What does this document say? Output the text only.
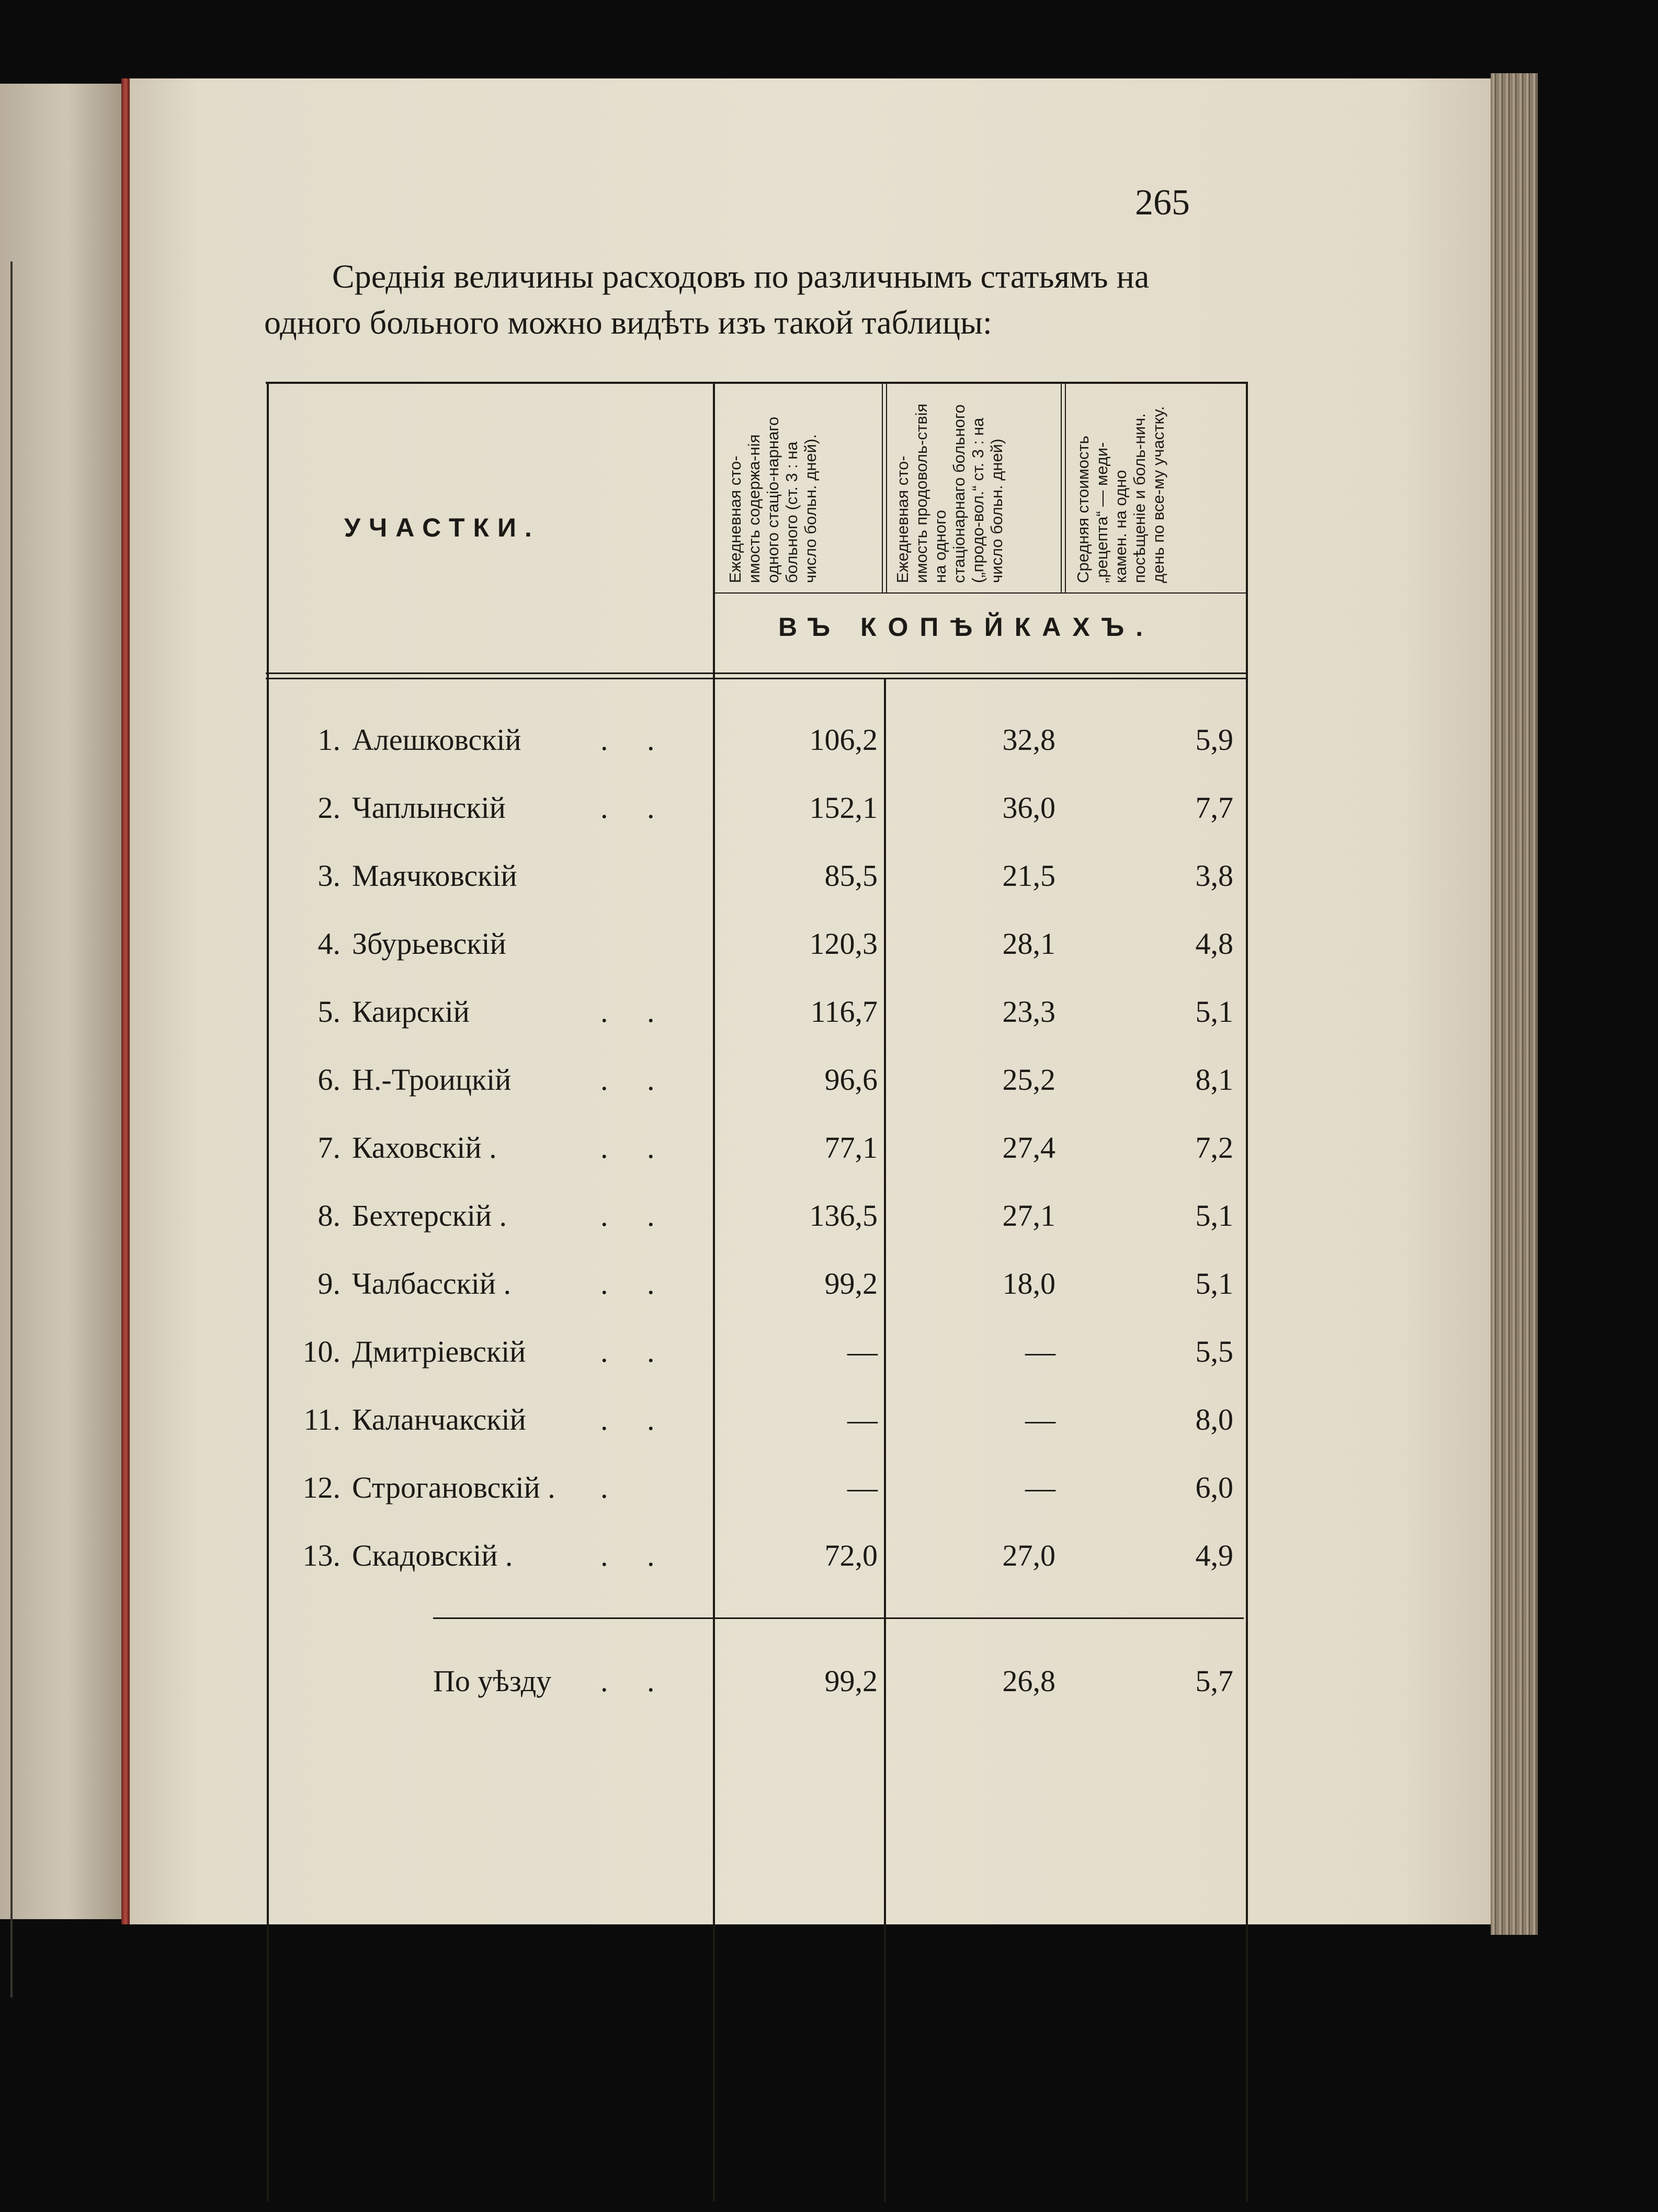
265
Среднія величины расходовъ по различнымъ статьямъ на
одного больного можно видѣть изъ такой таблицы:
УЧАСТКИ.	Ежедневная сто-имость содержа-нія одного стаціо-нарнаго больного (ст. 3 : на число больн. дней).	Ежедневная сто-имость продоволь-ствія на одного стаціонарнаго больного („продо-вол.“ ст. 3 : на число больн. дней)	Средняя стоимость „рецепта“ — меди-камен. на одно посѣщеніе и боль-нич. день по все-му участку.
ВЪ КОПѢЙКАХЪ.
1. Алешковскій	. .	106,2	32,8	5,9
2. Чаплынскій	. .	152,1	36,0	7,7
3. Маячковскій	85,5	21,5	3,8
4. Збурьевскій	120,3	28,1	4,8
5. Каирскій	. .	116,7	23,3	5,1
6. Н.-Троицкій	. .	96,6	25,2	8,1
7. Каховскій .	. .	77,1	27,4	7,2
8. Бехтерскій .	. .	136,5	27,1	5,1
9. Чалбасскій .	. .	99,2	18,0	5,1
10. Дмитріевскій . .	—	—	5,5
11. Каланчакскій . .	—	—	8,0
12. Строгановскій . .	—	—	6,0
13. Скадовскій .	. .	72,0	27,0	4,9
По уѣзду . .	99,2	26,8	5,7
